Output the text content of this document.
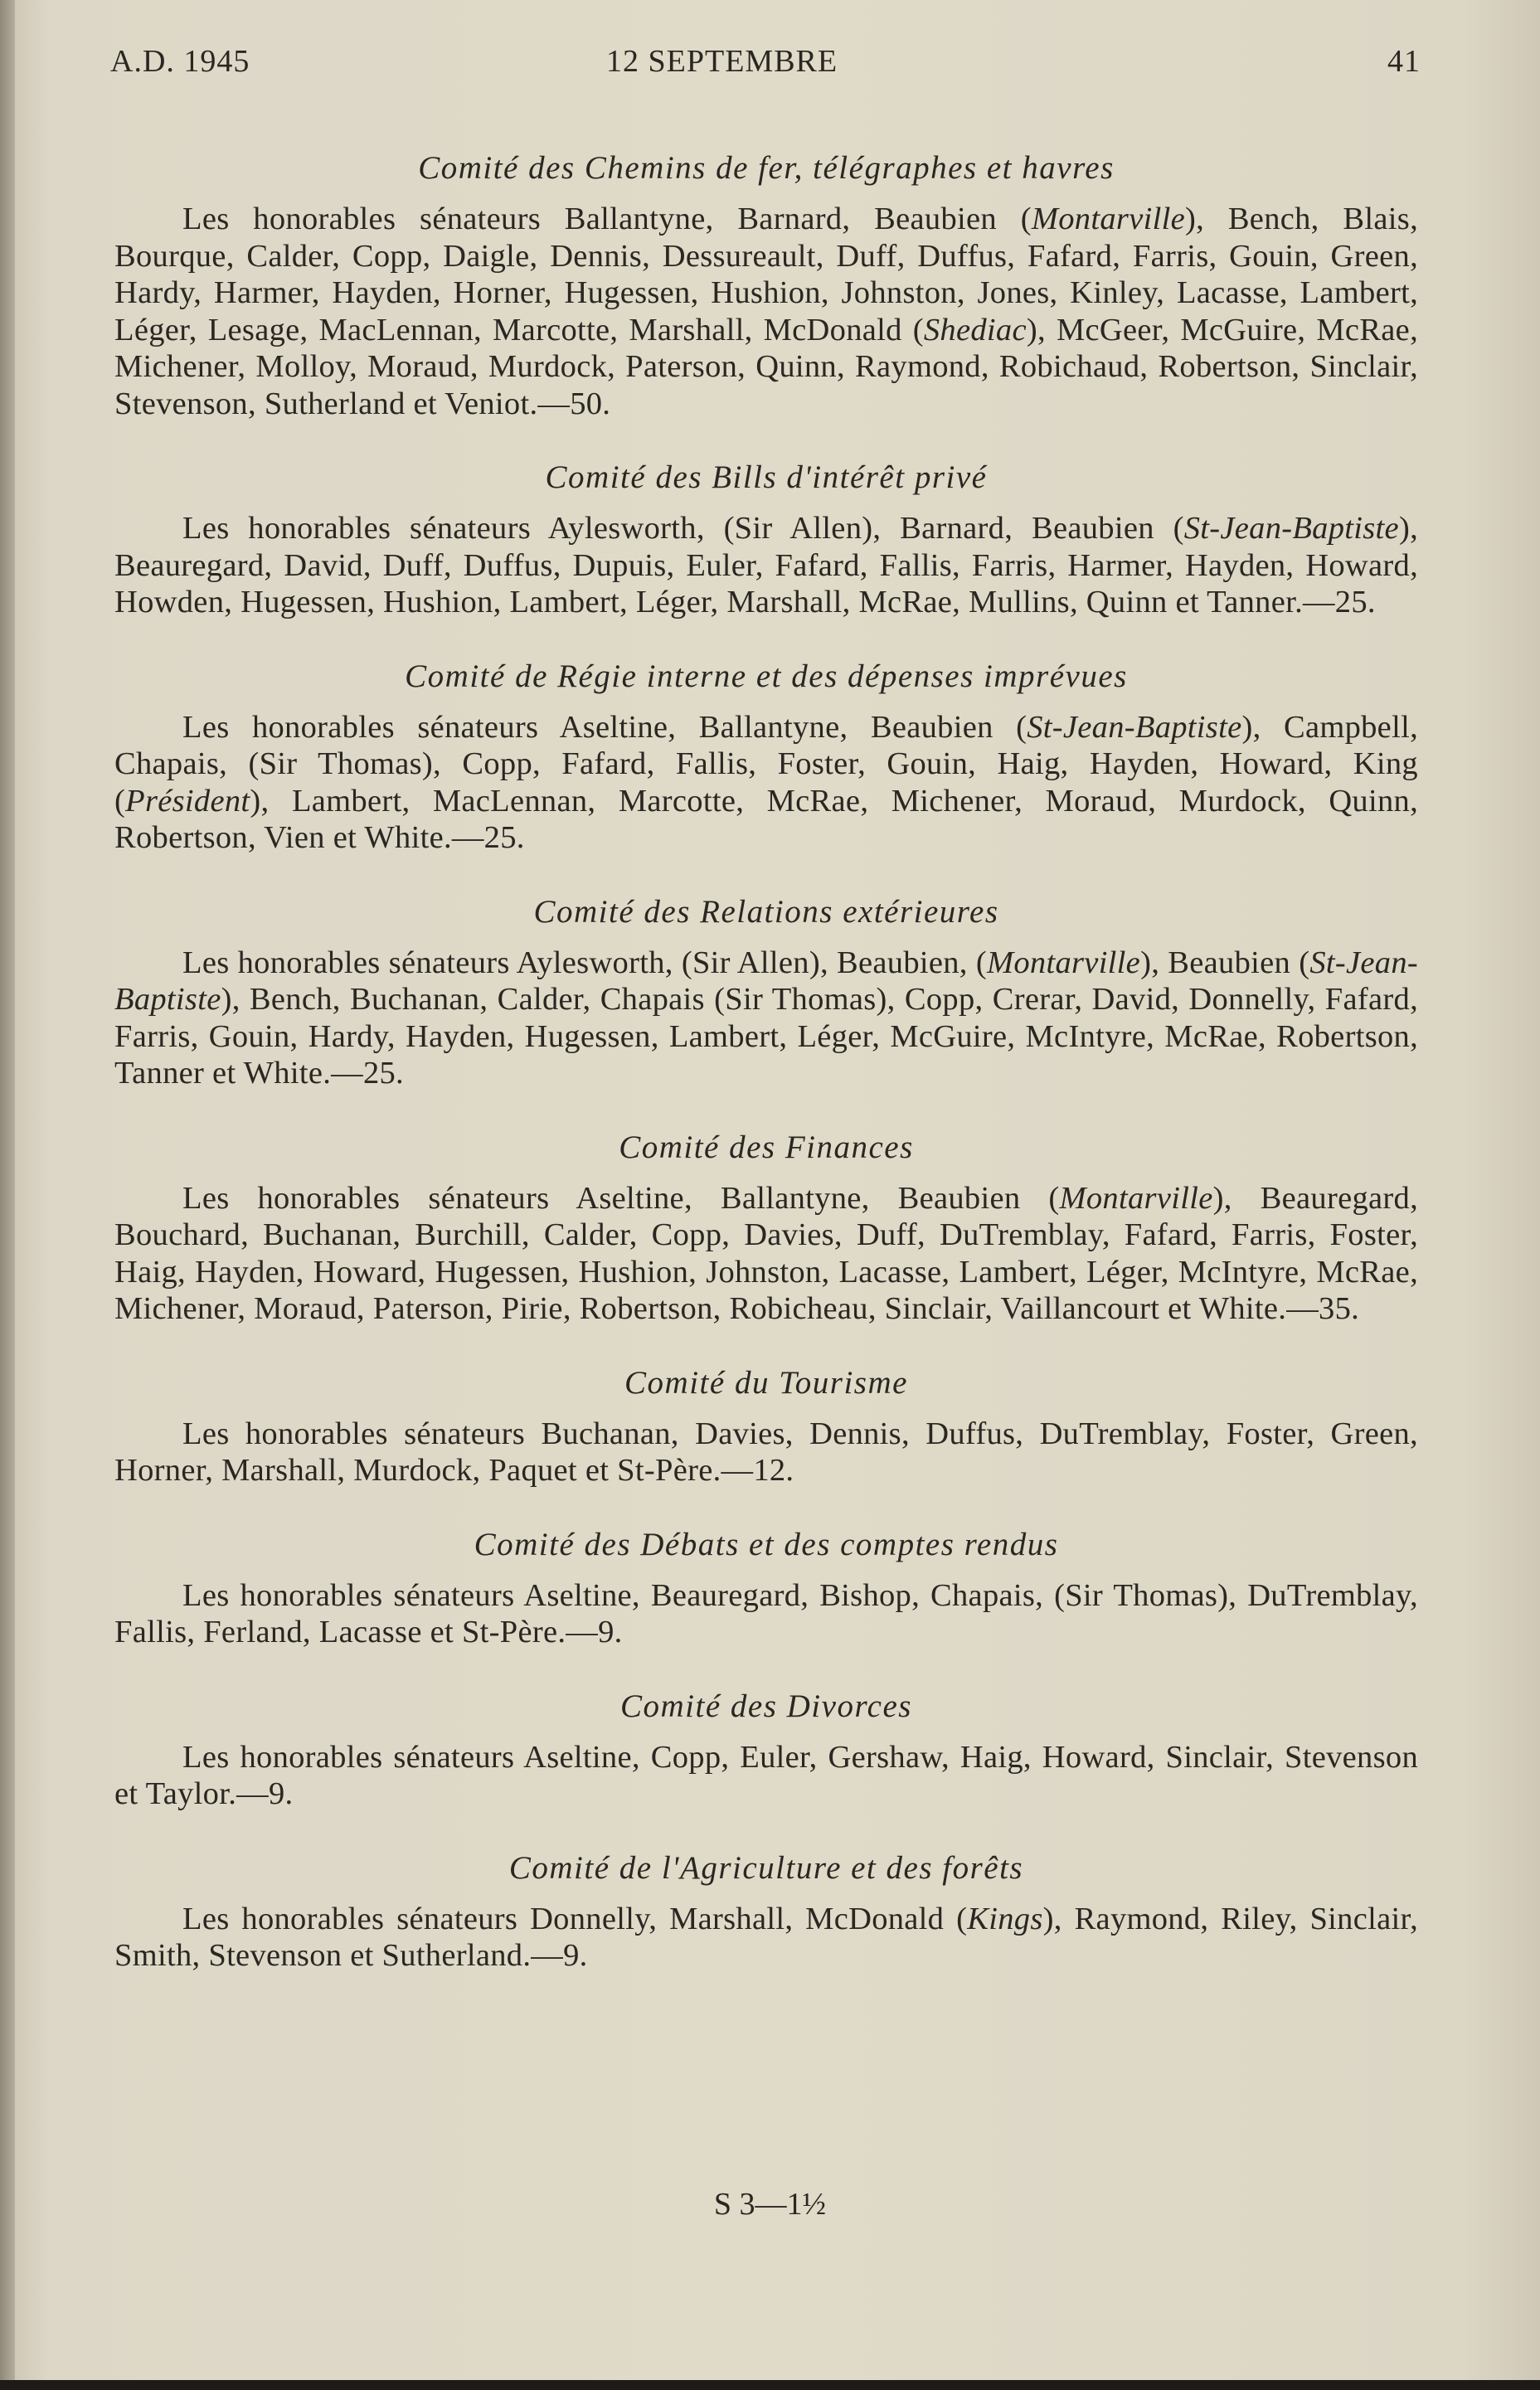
A.D. 1945	12 SEPTEMBRE	41
Comité des Chemins de fer, télégraphes et havres
Les honorables sénateurs Ballantyne, Barnard, Beaubien (Montarville), Bench, Blais, Bourque, Calder, Copp, Daigle, Dennis, Dessureault, Duff, Duffus, Fafard, Farris, Gouin, Green, Hardy, Harmer, Hayden, Horner, Hugessen, Hushion, Johnston, Jones, Kinley, Lacasse, Lambert, Léger, Lesage, MacLennan, Marcotte, Marshall, McDonald (Shediac), McGeer, McGuire, McRae, Michener, Molloy, Moraud, Murdock, Paterson, Quinn, Raymond, Robichaud, Robertson, Sinclair, Stevenson, Sutherland et Veniot.—50.
Comité des Bills d'intérêt privé
Les honorables sénateurs Aylesworth, (Sir Allen), Barnard, Beaubien (St-Jean-Baptiste), Beauregard, David, Duff, Duffus, Dupuis, Euler, Fafard, Fallis, Farris, Harmer, Hayden, Howard, Howden, Hugessen, Hushion, Lambert, Léger, Marshall, McRae, Mullins, Quinn et Tanner.—25.
Comité de Régie interne et des dépenses imprévues
Les honorables sénateurs Aseltine, Ballantyne, Beaubien (St-Jean-Baptiste), Campbell, Chapais, (Sir Thomas), Copp, Fafard, Fallis, Foster, Gouin, Haig, Hayden, Howard, King (Président), Lambert, MacLennan, Marcotte, McRae, Michener, Moraud, Murdock, Quinn, Robertson, Vien et White.—25.
Comité des Relations extérieures
Les honorables sénateurs Aylesworth, (Sir Allen), Beaubien, (Montarville), Beaubien (St-Jean-Baptiste), Bench, Buchanan, Calder, Chapais (Sir Thomas), Copp, Crerar, David, Donnelly, Fafard, Farris, Gouin, Hardy, Hayden, Hugessen, Lambert, Léger, McGuire, McIntyre, McRae, Robertson, Tanner et White.—25.
Comité des Finances
Les honorables sénateurs Aseltine, Ballantyne, Beaubien (Montarville), Beauregard, Bouchard, Buchanan, Burchill, Calder, Copp, Davies, Duff, DuTremblay, Fafard, Farris, Foster, Haig, Hayden, Howard, Hugessen, Hushion, Johnston, Lacasse, Lambert, Léger, McIntyre, McRae, Michener, Moraud, Paterson, Pirie, Robertson, Robicheau, Sinclair, Vaillancourt et White.—35.
Comité du Tourisme
Les honorables sénateurs Buchanan, Davies, Dennis, Duffus, DuTremblay, Foster, Green, Horner, Marshall, Murdock, Paquet et St-Père.—12.
Comité des Débats et des comptes rendus
Les honorables sénateurs Aseltine, Beauregard, Bishop, Chapais, (Sir Thomas), DuTremblay, Fallis, Ferland, Lacasse et St-Père.—9.
Comité des Divorces
Les honorables sénateurs Aseltine, Copp, Euler, Gershaw, Haig, Howard, Sinclair, Stevenson et Taylor.—9.
Comité de l'Agriculture et des forêts
Les honorables sénateurs Donnelly, Marshall, McDonald (Kings), Raymond, Riley, Sinclair, Smith, Stevenson et Sutherland.—9.
S 3—1½
